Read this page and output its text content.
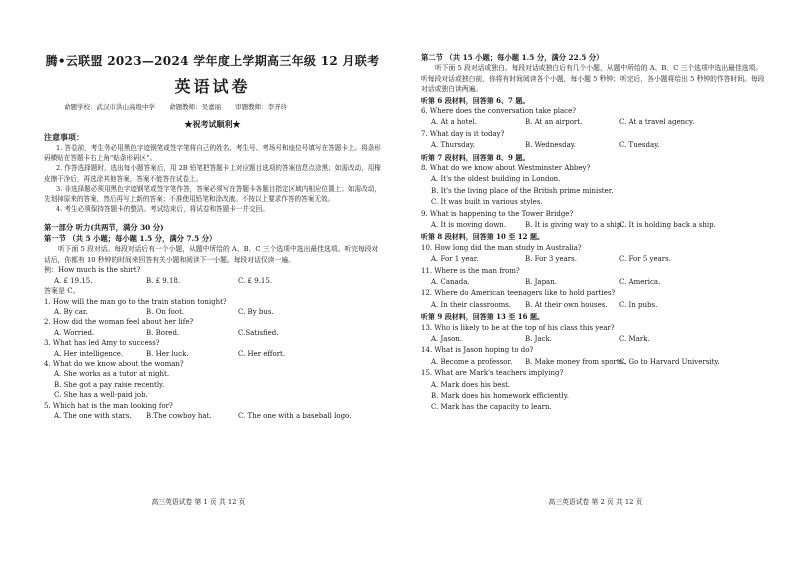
腾•云联盟 2023—2024 学年度上学期高三年级 12 月联考
英语试卷
命题学校：武汉市洪山高级中学 命题教师：吴嘉丽 审题教师：李齐玲
★祝考试顺利★
注意事项：

1. 答卷前，考生务必用黑色字迹钢笔或签字笔将自己的姓名、考生号、考场号和座位号填写在答题卡上。将条形码横贴在答题卡右上角“贴条形码区”。

2. 作答选择题时，选出每小题答案后，用 2B 铅笔把答题卡上对应题目选项的答案信息点涂黑；如需改动，用橡皮擦干净后，再选涂其他答案，答案不能答在试卷上。

3. 非选择题必须用黑色字迹钢笔或签字笔作答，答案必须写在答题卡各题目指定区域内相应位置上；如需改动，先划掉原来的答案，然后再写上新的答案；不准使用铅笔和涂改液。不按以上要求作答的答案无效。

4. 考生必须保持答题卡的整洁。考试结束后，将试卷和答题卡一并交回。

第一部分 听力(共两节，满分 30 分)
第一节 （共 5 小题；每小题 1.5 分，满分 7.5 分）

听下面 5 段对话。每段对话后有一个小题，从题中所给的 A、B、C 三个选项中选出最佳选项。听完每段对话后，你都有 10 秒钟的时间来回答有关小题和阅读下一小题。每段对话仅读一遍。

例：How much is the shirt?

A. £ 19.15.	B. £ 9.18.	C. £ 9.15.

答案是 C。

1. How will the man go to the train station tonight?

A. By car.	B. On foot.	C. By bus.

2. How did the woman feel about her life?

A. Worried.	B. Bored.	C.Satisfied.

3. What has led Amy to success?

A. Her intelligence.	B. Her luck.	C. Her effort.

4. What do we know about the woman?

A. She works as a tutor at night.

B. She got a pay raise recently.

C. She has a well-paid job.

5. Which hat is the man looking for?

A. The one with stars.	B.The cowboy hat.	C. The one with a baseball logo.
高三英语试卷 第 1 页 共 12 页
第二节 （共 15 小题；每小题 1.5 分，满分 22.5 分）

听下面 5 段对话或独白。每段对话或独白后有几个小题，从题中所给的 A、B、C 三个选项中选出最佳选项。听每段对话或独白前，你将有时间阅读各个小题，每小题 5 秒钟；听完后，各小题将给出 5 秒钟的作答时间。每段对话或独白读两遍。

听第 6 段材料，回答第 6、7 题。

6. Where does the conversation take place?

A. At a hotel.	B. At an airport.	C. At a travel agency.

7. What day is it today?

A. Thursday.	B. Wednesday.	C. Tuesday.

听第 7 段材料，回答第 8、9 题。

8. What do we know about Westminster Abbey?

A. It's the oldest building in London.

B. It's the living place of the British prime minister.

C. It was built in various styles.

9. What is happening to the Tower Bridge?

A. It is moving down.	B. It is giving way to a ship.
C. It is holding back a ship.

听第 8 段材料，回答第 10 至 12 题。

10. How long did the man study in Australia?

A. For 1 year.	B. For 3 years.	C. For 5 years.

11. Where is the man from?

A. Canada.	B. Japan.	C. America.

12. Where do American teenagers like to hold parties?

A. In their classrooms.	B. At their own houses.	C. In pubs.

听第 9 段材料，回答第 13 至 16 题。

13. Who is likely to be at the top of his class this year?

A. Jason.	B. Jack.	C. Mark.

14. What is Jason hoping to do?

A. Become a professor.	B. Make money from sports.
C. Go to Harvard University.

15. What are Mark's teachers implying?

A. Mark does his best.

B. Mark does his homework efficiently.

C. Mark has the capacity to learn.

高三英语试卷 第 2 页 共 12 页
